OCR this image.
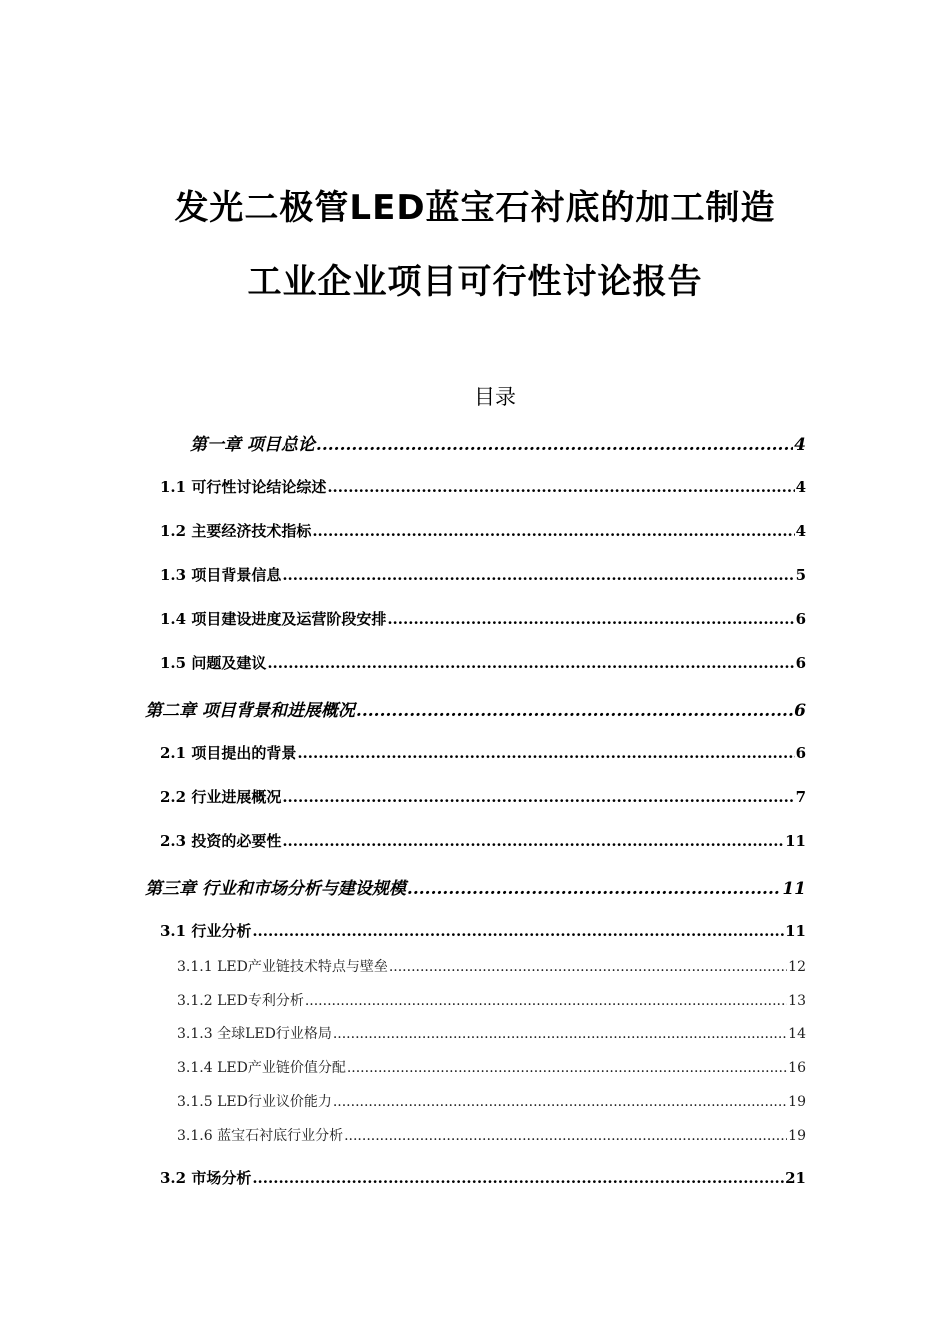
发光二极管LED蓝宝石衬底的加工制造
工业企业项目可行性讨论报告
目录
第一章 项目总论 .....	4
1.1 可行性讨论结论综述 .....	4
1.2 主要经济技术指标 .....	4
1.3 项目背景信息 .....	5
1.4 项目建设进度及运营阶段安排 .....	6
1.5 问题及建议 .....	6
第二章 项目背景和进展概况 .....	6
2.1 项目提出的背景 .....	6
2.2 行业进展概况 .....	7
2.3 投资的必要性 .....	11
第三章 行业和市场分析与建设规模 .....	11
3.1 行业分析 .....	11
3.1.1 LED产业链技术特点与壁垒 .....	12
3.1.2 LED专利分析 .....	13
3.1.3 全球LED行业格局 .....	14
3.1.4 LED产业链价值分配 .....	16
3.1.5 LED行业议价能力 .....	19
3.1.6 蓝宝石衬底行业分析 .....	19
3.2 市场分析 .....	21
